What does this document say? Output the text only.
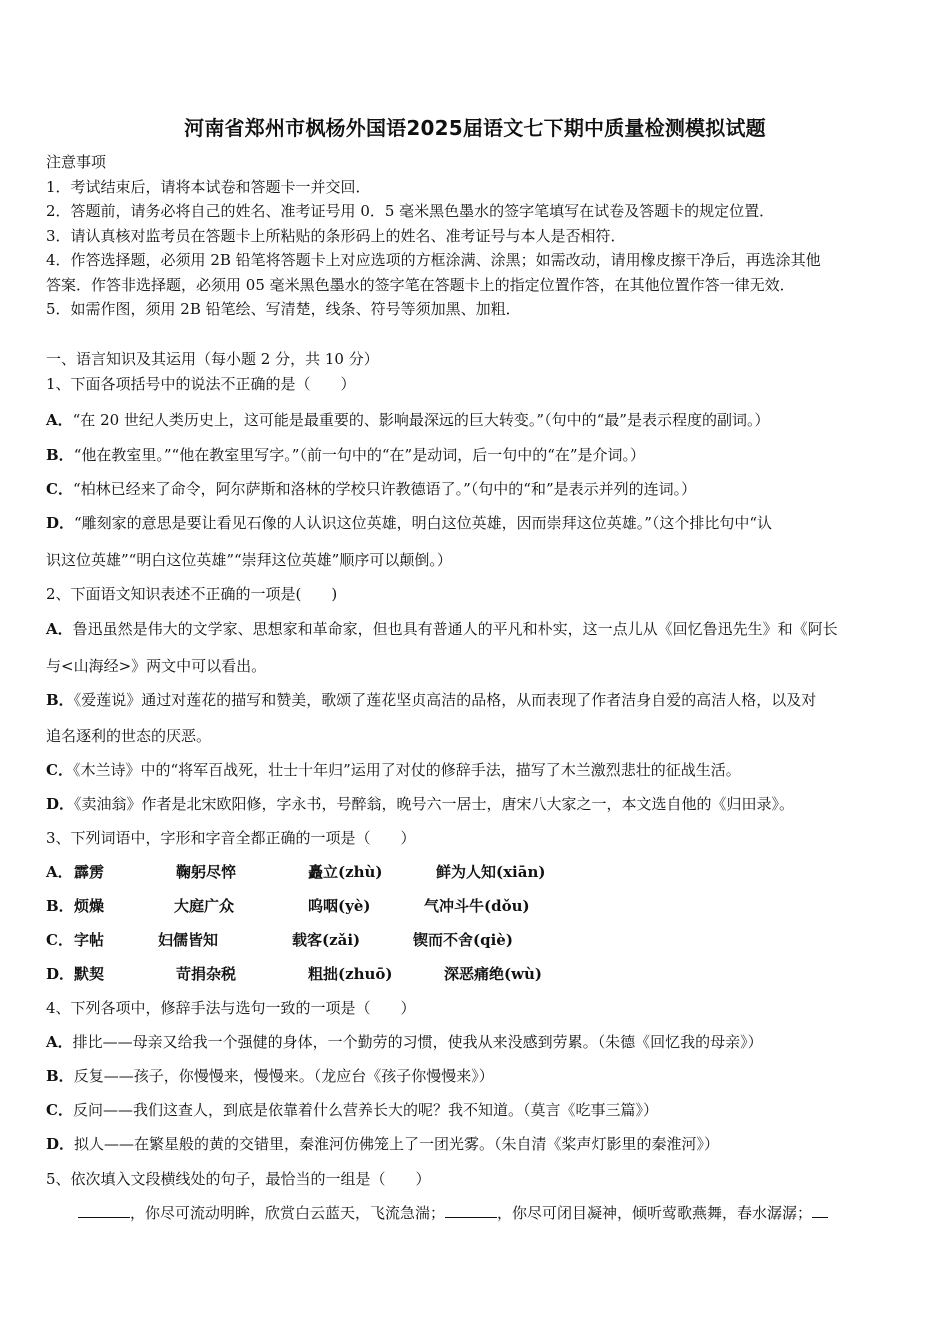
河南省郑州市枫杨外国语2025届语文七下期中质量检测模拟试题
注意事项
1．考试结束后，请将本试卷和答题卡一并交回．
2．答题前，请务必将自己的姓名、准考证号用 0．5 毫米黑色墨水的签字笔填写在试卷及答题卡的规定位置．
3．请认真核对监考员在答题卡上所粘贴的条形码上的姓名、准考证号与本人是否相符．
4．作答选择题，必须用 2B 铅笔将答题卡上对应选项的方框涂满、涂黑；如需改动，请用橡皮擦干净后，再选涂其他
答案．作答非选择题，必须用 05 毫米黑色墨水的签字笔在答题卡上的指定位置作答，在其他位置作答一律无效．
5．如需作图，须用 2B 铅笔绘、写清楚，线条、符号等须加黑、加粗．
一、语言知识及其运用（每小题 2 分，共 10 分）
1、下面各项括号中的说法不正确的是（　　）
A．“在 20 世纪人类历史上，这可能是最重要的、影响最深远的巨大转变。”（句中的“最”是表示程度的副词。）
B．“他在教室里。”“他在教室里写字。”（前一句中的“在”是动词，后一句中的“在”是介词。）
C．“柏林已经来了命令，阿尔萨斯和洛林的学校只许教德语了。”（句中的“和”是表示并列的连词。）
D．“雕刻家的意思是要让看见石像的人认识这位英雄，明白这位英雄，因而崇拜这位英雄。”（这个排比句中“认
识这位英雄”“明白这位英雄”“崇拜这位英雄”顺序可以颠倒。）
2、下面语文知识表述不正确的一项是(　　)
A．鲁迅虽然是伟大的文学家、思想家和革命家，但也具有普通人的平凡和朴实，这一点儿从《回忆鲁迅先生》和《阿长
与<山海经>》两文中可以看出。
B．《爱莲说》通过对莲花的描写和赞美，歌颂了莲花坚贞高洁的品格，从而表现了作者洁身自爱的高洁人格，以及对
追名逐利的世态的厌恶。
C．《木兰诗》中的“将军百战死，壮士十年归”运用了对仗的修辞手法，描写了木兰激烈悲壮的征战生活。
D．《卖油翁》作者是北宋欧阳修，字永书，号醉翁，晚号六一居士，唐宋八大家之一，本文选自他的《归田录》。
3、下列词语中，字形和字音全都正确的一项是（　　）
A． 霹雳	鞠躬尽悴	矗立(zhù)	鲜为人知(xiān)
B． 烦燥	大庭广众	呜咽(yè)	气冲斗牛(dǒu)
C． 字帖	妇儒皆知	载客(zǎi)	锲而不舍(qiè)
D． 默契	苛捐杂税	粗拙(zhuō)	深恶痛绝(wù)
4、下列各项中，修辞手法与选句一致的一项是（　　）
A．排比——母亲又给我一个强健的身体，一个勤劳的习惯，使我从来没感到劳累。（朱德《回忆我的母亲》）
B．反复——孩子，你慢慢来，慢慢来。（龙应台《孩子你慢慢来》）
C．反问——我们这查人，到底是依靠着什么营养长大的呢？我不知道。（莫言《吃事三篇》）
D．拟人——在繁星般的黄的交错里，秦淮河仿佛笼上了一团光雾。（朱自清《桨声灯影里的秦淮河》）
5、依次填入文段横线处的句子，最恰当的一组是（　　）
，你尽可流动明眸，欣赏白云蓝天，飞流急湍；	，你尽可闭目凝神，倾听莺歌燕舞，春水潺潺；
